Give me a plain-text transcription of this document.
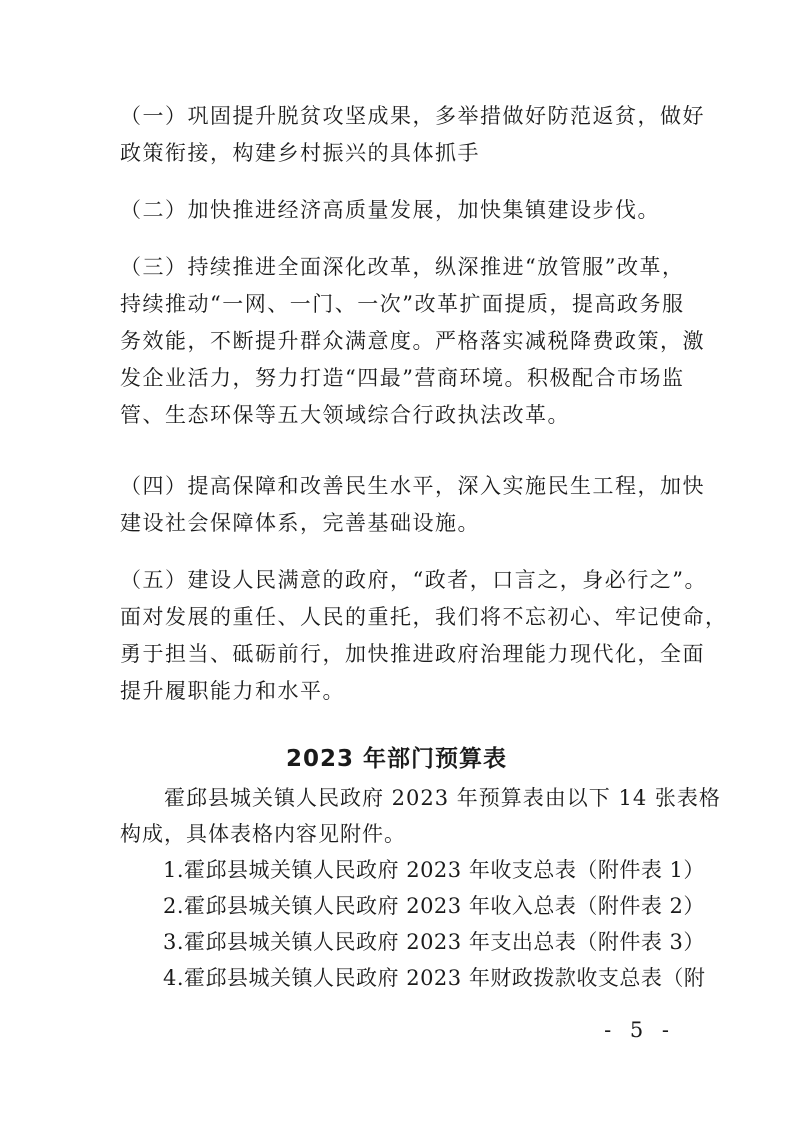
（一）巩固提升脱贫攻坚成果，多举措做好防范返贫，做好
政策衔接，构建乡村振兴的具体抓手

（二）加快推进经济高质量发展，加快集镇建设步伐。

（三）持续推进全面深化改革，纵深推进“放管服”改革，
持续推动“一网、一门、一次”改革扩面提质，提高政务服
务效能，不断提升群众满意度。严格落实减税降费政策，激
发企业活力，努力打造“四最”营商环境。积极配合市场监
管、生态环保等五大领域综合行政执法改革。

（四）提高保障和改善民生水平，深入实施民生工程，加快
建设社会保障体系，完善基础设施。

（五）建设人民满意的政府，“政者，口言之，身必行之”。
面对发展的重任、人民的重托，我们将不忘初心、牢记使命，
勇于担当、砥砺前行，加快推进政府治理能力现代化，全面
提升履职能力和水平。

2023 年部门预算表

　　霍邱县城关镇人民政府 2023 年预算表由以下 14 张表格
构成，具体表格内容见附件。

1.霍邱县城关镇人民政府 2023 年收支总表（附件表 1）
2.霍邱县城关镇人民政府 2023 年收入总表（附件表 2）
3.霍邱县城关镇人民政府 2023 年支出总表（附件表 3）
4.霍邱县城关镇人民政府 2023 年财政拨款收支总表（附
- 5 -
